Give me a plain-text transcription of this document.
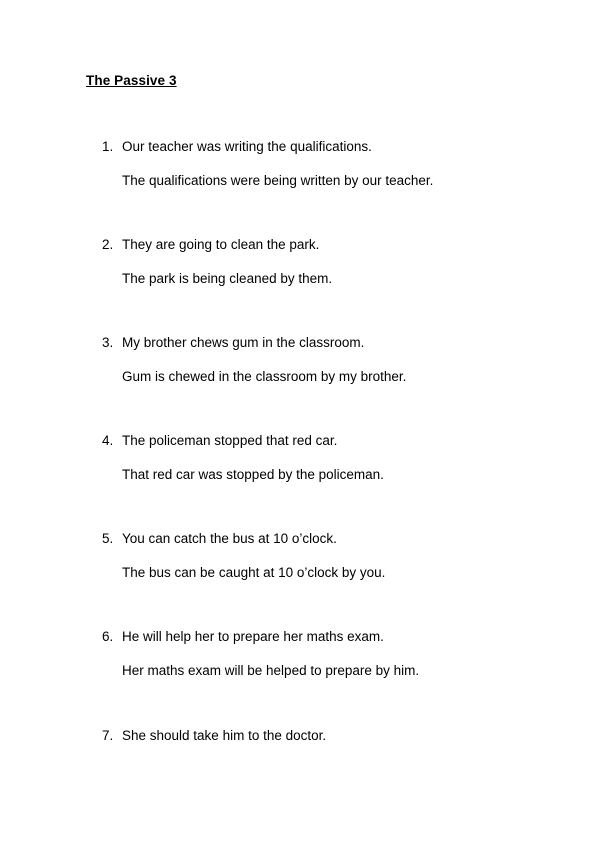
The Passive 3
1. Our teacher was writing the qualifications.
The qualifications were being written by our teacher.
2. They are going to clean the park.
The park is being cleaned by them.
3. My brother chews gum in the classroom.
Gum is chewed in the classroom by my brother.
4. The policeman stopped that red car.
That red car was stopped by the policeman.
5. You can catch the bus at 10 o’clock.
The bus can be caught at 10 o’clock by you.
6. He will help her to prepare her maths exam.
Her maths exam will be helped to prepare by him.
7. She should take him to the doctor.
